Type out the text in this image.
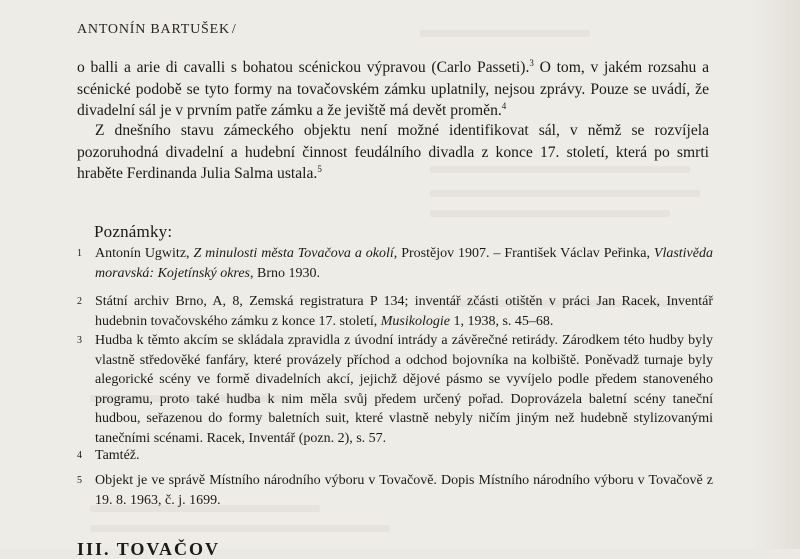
ANTONÍN BARTUŠEK /
o balli a arie di cavalli s bohatou scénickou výpravou (Carlo Passeti).$^3$ O tom, v jakém rozsahu a scénické podobě se tyto formy na tovačovském zámku uplatnily, nejsou zprávy. Pouze se uvádí, že divadelní sál je v prvním patře zámku a že jeviště má devět proměn.$^4$
Z dnešního stavu zámeckého objektu není možné identifikovat sál, v němž se rozvíjela pozoruhodná divadelní a hudební činnost feudálního divadla z konce 17. století, která po smrti hraběte Ferdinanda Julia Salma ustala.$^5$
Poznámky:
1 Antonín Ugwitz, Z minulosti města Tovačova a okolí, Prostějov 1907. – František Václav Peřinka, Vlastivěda moravská: Kojetínský okres, Brno 1930.
2 Státní archiv Brno, A, 8, Zemská registratura P 134; inventář zčásti otištěn v práci Jan Racek, Inventář hudebnin tovačovského zámku z konce 17. století, Musikologie 1, 1938, s. 45–68.
3 Hudba k těmto akcím se skládala zpravidla z úvodní intrády a závěrečné retirády. Zárodkem této hudby byly vlastně středověké fanfáry, které provázely příchod a odchod bojovníka na kolbiště. Poněvadž turnaje byly alegorické scény ve formě divadelních akcí, jejichž dějové pásmo se vyvíjelo podle předem stanoveného programu, proto také hudba k nim měla svůj předem určený pořad. Doprovázela baletní scény taneční hudbou, seřazenou do formy baletních suit, které vlastně nebyly ničím jiným než hudebně stylizovanými tanečními scénami. Racek, Inventář (pozn. 2), s. 57.
4 Tamtéž.
5 Objekt je ve správě Místního národního výboru v Tovačově. Dopis Místního národního výboru v Tovačově z 19. 8. 1963, č. j. 1699.
III. TOVAČOV
